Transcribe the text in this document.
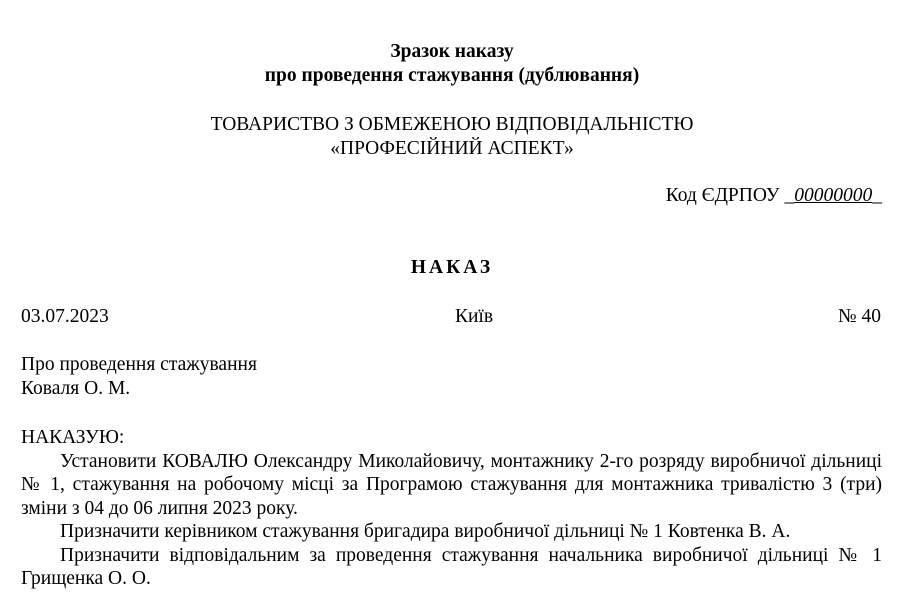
Зразок наказу
про проведення стажування (дублювання)
ТОВАРИСТВО З ОБМЕЖЕНОЮ ВІДПОВІДАЛЬНІСТЮ
«ПРОФЕСІЙНИЙ АСПЕКТ»
Код ЄДРПОУ _00000000_
НАКАЗ
Київ
03.07.2023	№ 40
Про проведення стажування
Коваля О. М.

НАКАЗУЮ:

Установити КОВАЛЮ Олександру Миколайовичу, монтажнику 2-го розряду виробничої дільниці № 1, стажування на робочому місці за Програмою стажування для монтажника тривалістю 3 (три) зміни з 04 до 06 липня 2023 року.

Призначити керівником стажування бригадира виробничої дільниці № 1 Ковтенка В. А.

Призначити відповідальним за проведення стажування начальника виробничої дільниці № 1 Грищенка О. О.
